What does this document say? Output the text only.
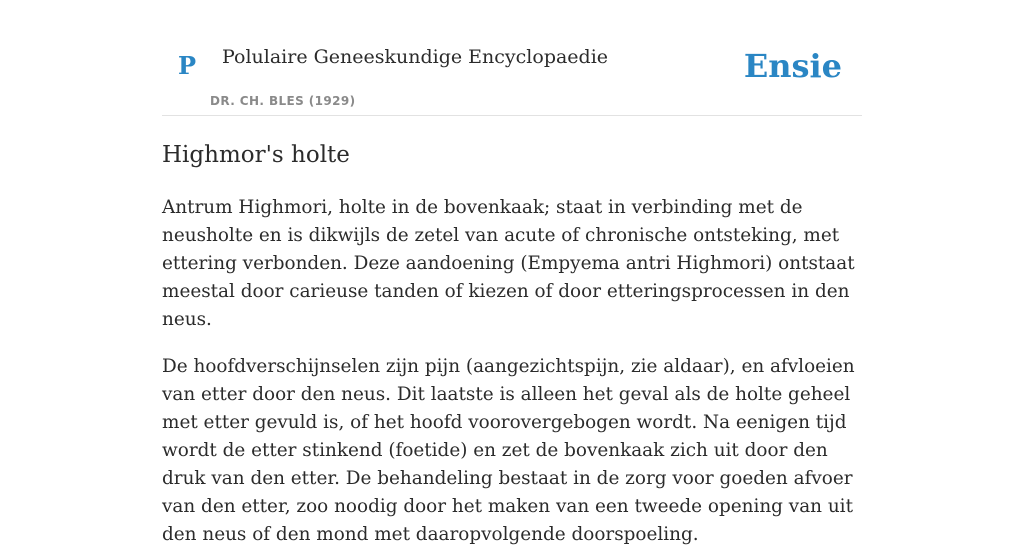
P Polulaire Geneeskundige Encyclopaedie
DR. CH. BLES (1929)
Ensie
Highmor's holte

Antrum Highmori, holte in de bovenkaak; staat in verbinding met de neusholte en is dikwijls de zetel van acute of chronische ontsteking, met ettering verbonden. Deze aandoening (Empyema antri Highmori) ontstaat meestal door carieuse tanden of kiezen of door etteringsprocessen in den neus.

De hoofdverschijnselen zijn pijn (aangezichtspijn, zie aldaar), en afvloeien van etter door den neus. Dit laatste is alleen het geval als de holte geheel met etter gevuld is, of het hoofd voorovergebogen wordt. Na eenigen tijd wordt de etter stinkend (foetide) en zet de bovenkaak zich uit door den druk van den etter. De behandeling bestaat in de zorg voor goeden afvoer van den etter, zoo noodig door het maken van een tweede opening van uit den neus of den mond met daaropvolgende doorspoeling.
